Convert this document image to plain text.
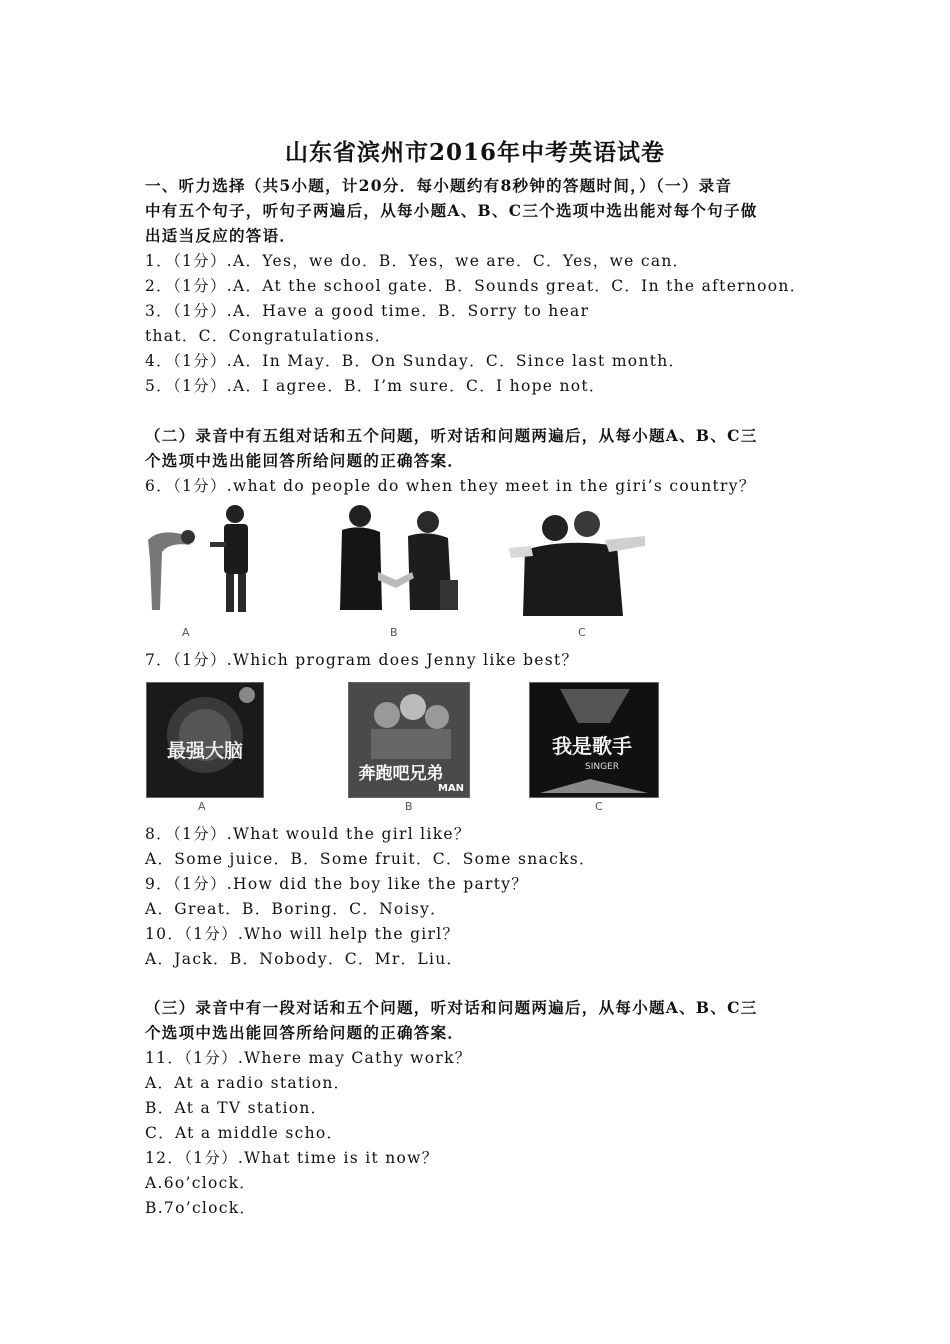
山东省滨州市2016年中考英语试卷
一、听力选择（共5小题，计20分．每小题约有8秒钟的答题时间，）（一）录音
中有五个句子，听句子两遍后，从每小题A、B、C三个选项中选出能对每个句子做
出适当反应的答语．
1．（1分）.A．Yes，we do．B．Yes，we are．C．Yes，we can．
2．（1分）.A．At the school gate．B．Sounds great．C．In the afternoon．
3．（1分）.A．Have a good time．B．Sorry to hear
that．C．Congratulations．
4．（1分）.A．In May．B．On Sunday．C．Since last month．
5．（1分）.A．I agree．B．I’m sure．C．I hope not．
（二）录音中有五组对话和五个问题，听对话和问题两遍后，从每小题A、B、C三
个选项中选出能回答所给问题的正确答案．
6．（1分）.what do people do when they meet in the giri’s country？
A	B	C
7．（1分）.Which program does Jenny like best？
最强大脑
A
奔跑吧兄弟
MAN
B
我是歌手
SINGER
C
8．（1分）.What would the girl like？
A．Some juice．B．Some fruit．C．Some snacks．
9．（1分）.How did the boy like the party？
A．Great．B．Boring．C．Noisy．
10．（1分）.Who will help the girl？
A．Jack．B．Nobody．C．Mr．Liu．
（三）录音中有一段对话和五个问题，听对话和问题两遍后，从每小题A、B、C三
个选项中选出能回答所给问题的正确答案．
11．（1分）.Where may Cathy work？
A．At a radio station．
B．At a TV station．
C．At a middle scho．
12．（1分）.What time is it now？
A.6o’clock．
B.7o’clock．
